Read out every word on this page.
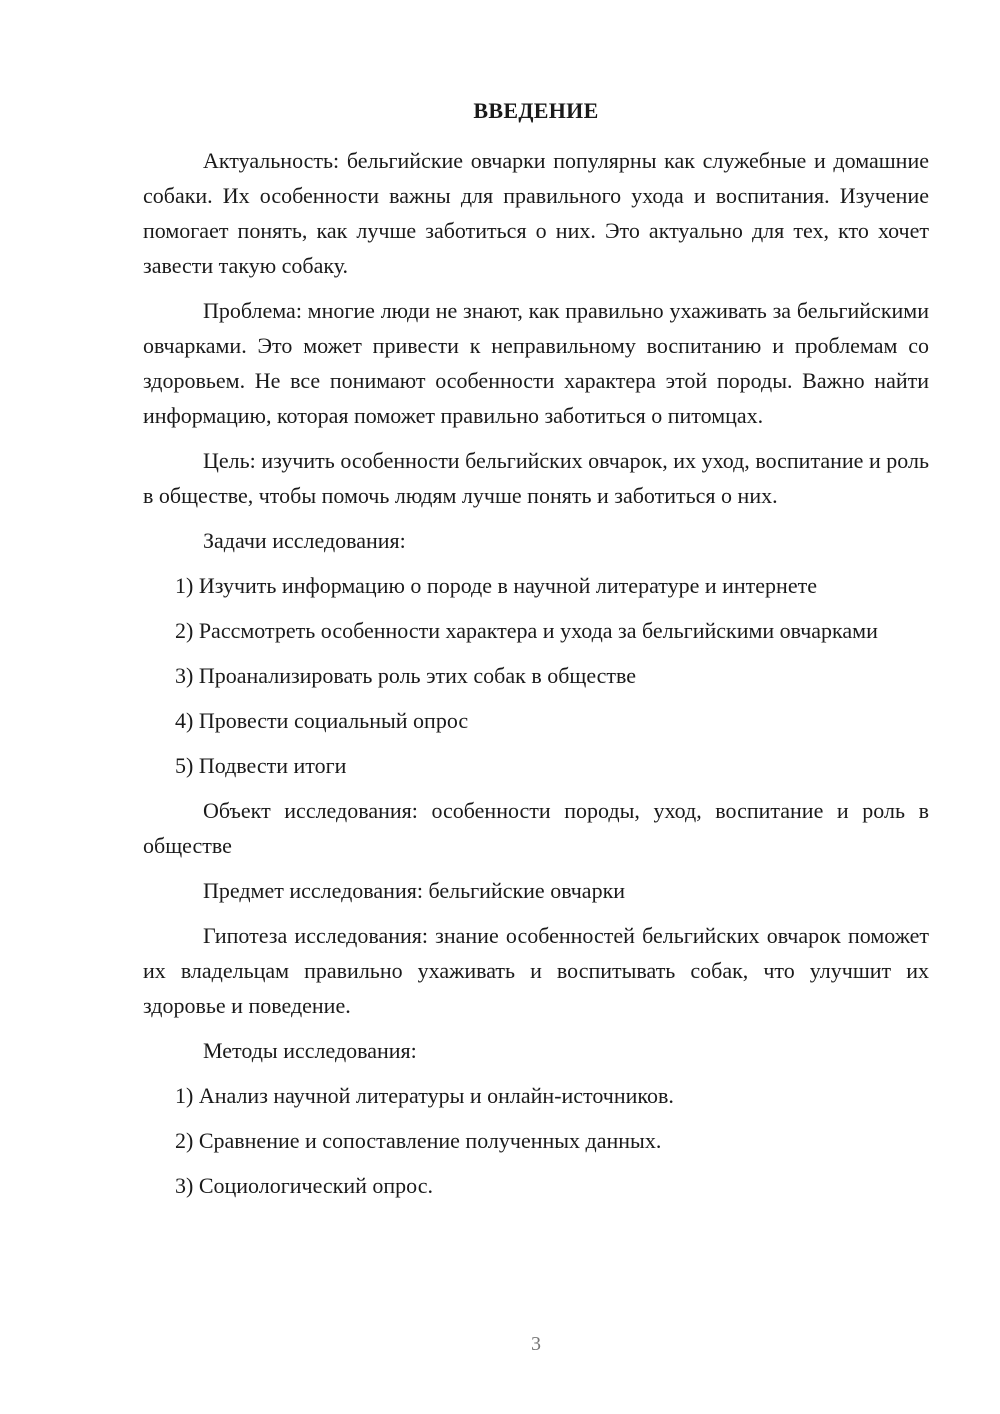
ВВЕДЕНИЕ

Актуальность: бельгийские овчарки популярны как служебные и домашние собаки. Их особенности важны для правильного ухода и воспитания. Изучение помогает понять, как лучше заботиться о них. Это актуально для тех, кто хочет завести такую собаку.

Проблема: многие люди не знают, как правильно ухаживать за бельгийскими овчарками. Это может привести к неправильному воспитанию и проблемам со здоровьем. Не все понимают особенности характера этой породы. Важно найти информацию, которая поможет правильно заботиться о питомцах.

Цель: изучить особенности бельгийских овчарок, их уход, воспитание и роль в обществе, чтобы помочь людям лучше понять и заботиться о них.

Задачи исследования:

1) Изучить информацию о породе в научной литературе и интернете

2) Рассмотреть особенности характера и ухода за бельгийскими овчарками

3) Проанализировать роль этих собак в обществе

4) Провести социальный опрос

5) Подвести итоги

Объект исследования: особенности породы, уход, воспитание и роль в обществе

Предмет исследования: бельгийские овчарки

Гипотеза исследования: знание особенностей бельгийских овчарок поможет их владельцам правильно ухаживать и воспитывать собак, что улучшит их здоровье и поведение.

Методы исследования:

1) Анализ научной литературы и онлайн-источников.

2) Сравнение и сопоставление полученных данных.

3) Социологический опрос.

3
